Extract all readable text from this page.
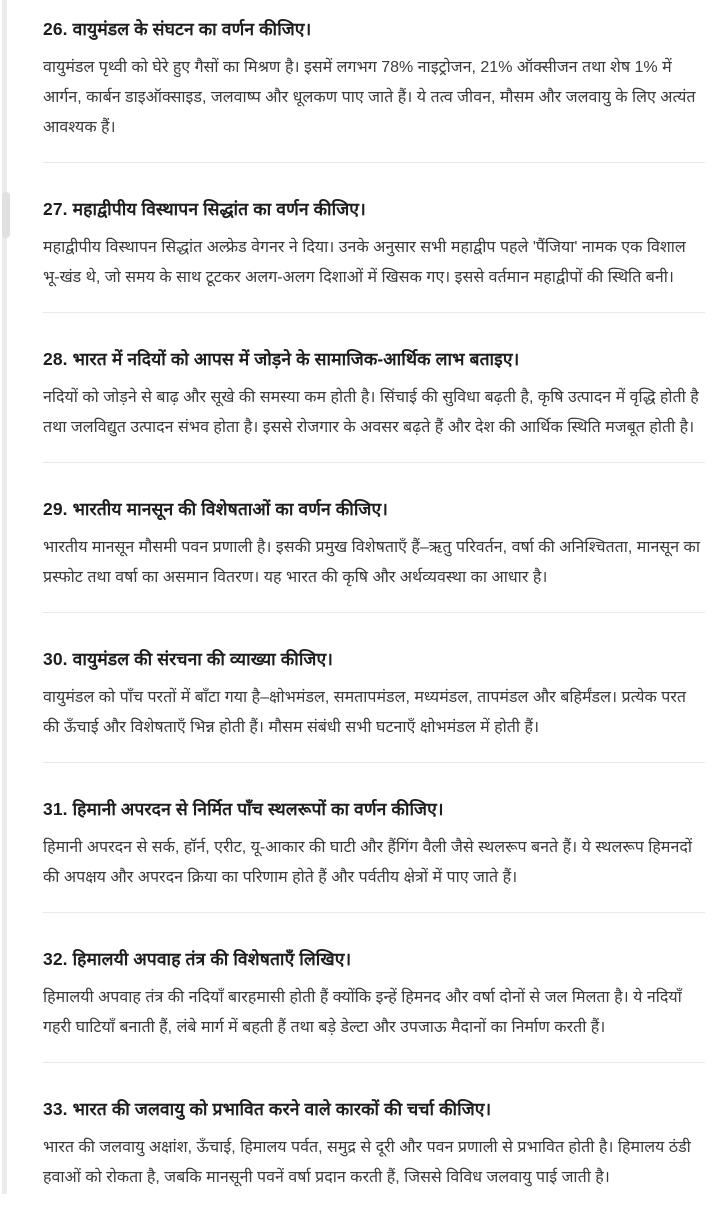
26. वायुमंडल के संघटन का वर्णन कीजिए।

वायुमंडल पृथ्वी को घेरे हुए गैसों का मिश्रण है। इसमें लगभग 78% नाइट्रोजन, 21% ऑक्सीजन तथा शेष 1% में आर्गन, कार्बन डाइऑक्साइड, जलवाष्प और धूलकण पाए जाते हैं। ये तत्व जीवन, मौसम और जलवायु के लिए अत्यंत आवश्यक हैं।

27. महाद्वीपीय विस्थापन सिद्धांत का वर्णन कीजिए।

महाद्वीपीय विस्थापन सिद्धांत अल्फ्रेड वेगनर ने दिया। उनके अनुसार सभी महाद्वीप पहले 'पैंजिया' नामक एक विशाल भू-खंड थे, जो समय के साथ टूटकर अलग-अलग दिशाओं में खिसक गए। इससे वर्तमान महाद्वीपों की स्थिति बनी।

28. भारत में नदियों को आपस में जोड़ने के सामाजिक-आर्थिक लाभ बताइए।

नदियों को जोड़ने से बाढ़ और सूखे की समस्या कम होती है। सिंचाई की सुविधा बढ़ती है, कृषि उत्पादन में वृद्धि होती है तथा जलविद्युत उत्पादन संभव होता है। इससे रोजगार के अवसर बढ़ते हैं और देश की आर्थिक स्थिति मजबूत होती है।

29. भारतीय मानसून की विशेषताओं का वर्णन कीजिए।

भारतीय मानसून मौसमी पवन प्रणाली है। इसकी प्रमुख विशेषताएँ हैं–ऋतु परिवर्तन, वर्षा की अनिश्चितता, मानसून का प्रस्फोट तथा वर्षा का असमान वितरण। यह भारत की कृषि और अर्थव्यवस्था का आधार है।

30. वायुमंडल की संरचना की व्याख्या कीजिए।

वायुमंडल को पाँच परतों में बाँटा गया है–क्षोभमंडल, समतापमंडल, मध्यमंडल, तापमंडल और बहिर्मंडल। प्रत्येक परत की ऊँचाई और विशेषताएँ भिन्न होती हैं। मौसम संबंधी सभी घटनाएँ क्षोभमंडल में होती हैं।

31. हिमानी अपरदन से निर्मित पाँच स्थलरूपों का वर्णन कीजिए।

हिमानी अपरदन से सर्क, हॉर्न, एरीट, यू-आकार की घाटी और हैंगिंग वैली जैसे स्थलरूप बनते हैं। ये स्थलरूप हिमनदों की अपक्षय और अपरदन क्रिया का परिणाम होते हैं और पर्वतीय क्षेत्रों में पाए जाते हैं।

32. हिमालयी अपवाह तंत्र की विशेषताएँ लिखिए।

हिमालयी अपवाह तंत्र की नदियाँ बारहमासी होती हैं क्योंकि इन्हें हिमनद और वर्षा दोनों से जल मिलता है। ये नदियाँ गहरी घाटियाँ बनाती हैं, लंबे मार्ग में बहती हैं तथा बड़े डेल्टा और उपजाऊ मैदानों का निर्माण करती हैं।

33. भारत की जलवायु को प्रभावित करने वाले कारकों की चर्चा कीजिए।

भारत की जलवायु अक्षांश, ऊँचाई, हिमालय पर्वत, समुद्र से दूरी और पवन प्रणाली से प्रभावित होती है। हिमालय ठंडी हवाओं को रोकता है, जबकि मानसूनी पवनें वर्षा प्रदान करती हैं, जिससे विविध जलवायु पाई जाती है।
